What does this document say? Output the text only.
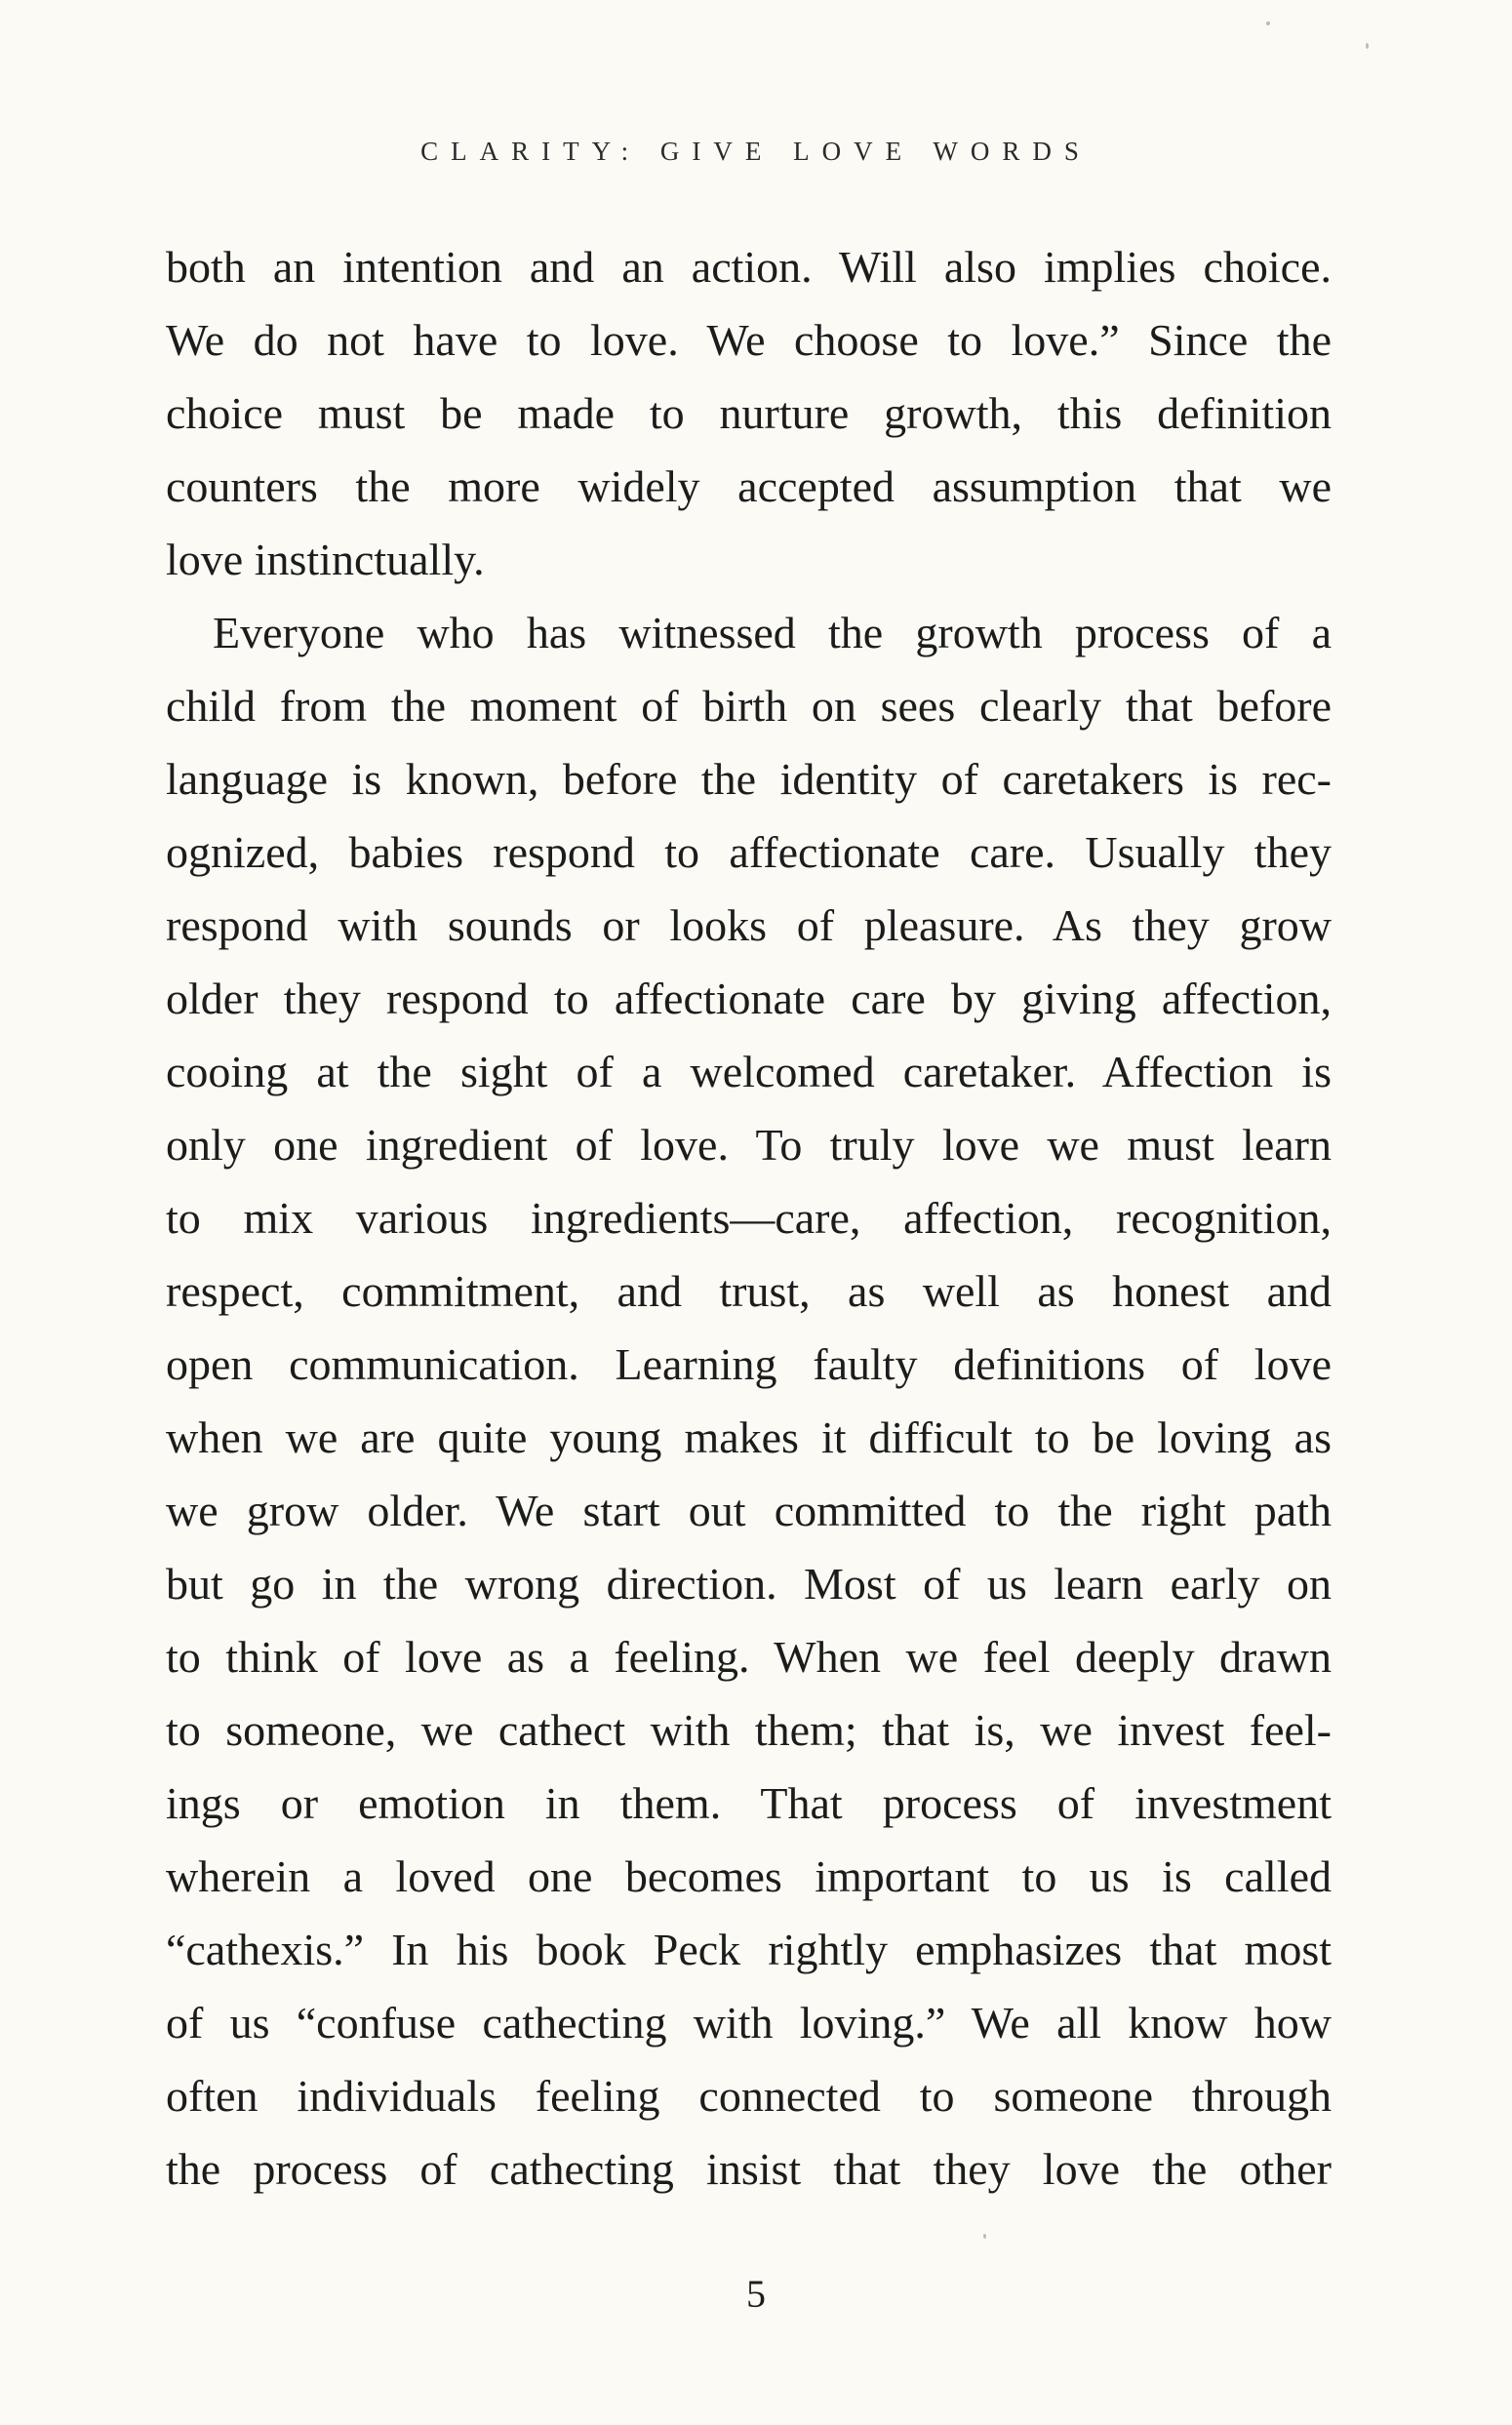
CLARITY: GIVE LOVE WORDS

both an intention and an action. Will also implies choice.
We do not have to love. We choose to love.” Since the
choice must be made to nurture growth, this definition
counters the more widely accepted assumption that we
love instinctually.

Everyone who has witnessed the growth process of a
child from the moment of birth on sees clearly that before
language is known, before the identity of caretakers is rec-
ognized, babies respond to affectionate care. Usually they
respond with sounds or looks of pleasure. As they grow
older they respond to affectionate care by giving affection,
cooing at the sight of a welcomed caretaker. Affection is
only one ingredient of love. To truly love we must learn
to mix various ingredients—care, affection, recognition,
respect, commitment, and trust, as well as honest and
open communication. Learning faulty definitions of love
when we are quite young makes it difficult to be loving as
we grow older. We start out committed to the right path
but go in the wrong direction. Most of us learn early on
to think of love as a feeling. When we feel deeply drawn
to someone, we cathect with them; that is, we invest feel-
ings or emotion in them. That process of investment
wherein a loved one becomes important to us is called
“cathexis.” In his book Peck rightly emphasizes that most
of us “confuse cathecting with loving.” We all know how
often individuals feeling connected to someone through
the process of cathecting insist that they love the other

5
